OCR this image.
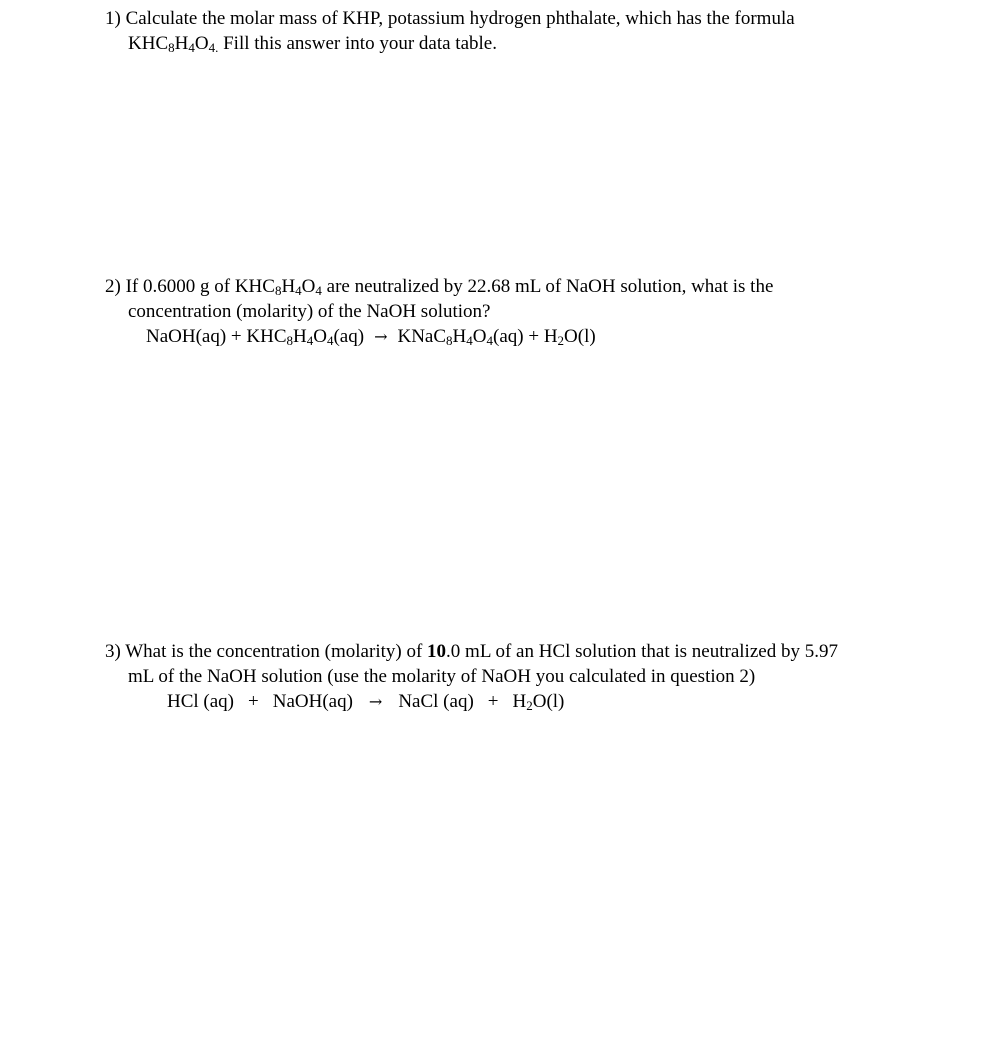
1) Calculate the molar mass of KHP, potassium hydrogen phthalate, which has the formula
$KHC_8H_4O_{4.}$ Fill this answer into your data table.
2) If 0.6000 g of $KHC_8H_4O_4$ are neutralized by 22.68 mL of NaOH solution, what is the
concentration (molarity) of the NaOH solution?
NaOH(aq) + $KHC_8H_4O_4(aq)$ → $KNaC_8H_4O_4(aq) + H_2O(l)$
3) What is the concentration (molarity) of 10.0 mL of an HCl solution that is neutralized by 5.97
mL of the NaOH solution (use the molarity of NaOH you calculated in question 2)
HCl (aq) + NaOH(aq) → NaCl $(aq) + H_2O(l)$
